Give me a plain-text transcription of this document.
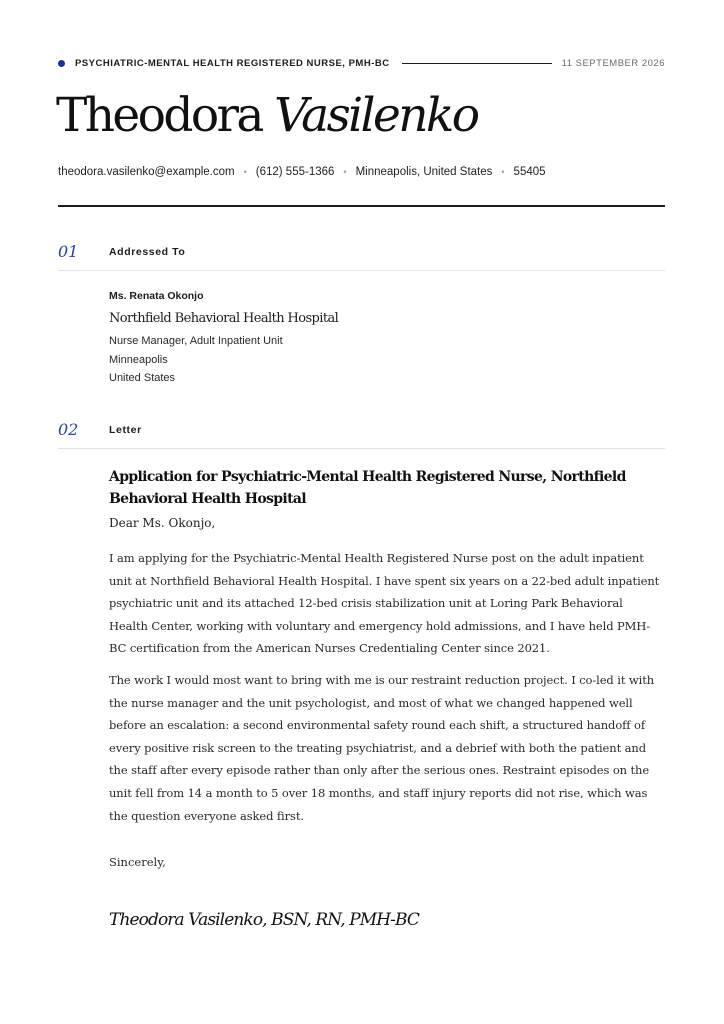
PSYCHIATRIC-MENTAL HEALTH REGISTERED NURSE, PMH-BC	11 SEPTEMBER 2026
Theodora Vasilenko
theodora.vasilenko@example.com • (612) 555-1366 • Minneapolis, United States • 55405
01	Addressed To
Ms. Renata Okonjo
Northfield Behavioral Health Hospital
Nurse Manager, Adult Inpatient Unit
Minneapolis
United States
02	Letter
Application for Psychiatric-Mental Health Registered Nurse, Northfield Behavioral Health Hospital
Dear Ms. Okonjo,

I am applying for the Psychiatric-Mental Health Registered Nurse post on the adult inpatient unit at Northfield Behavioral Health Hospital. I have spent six years on a 22-bed adult inpatient psychiatric unit and its attached 12-bed crisis stabilization unit at Loring Park Behavioral Health Center, working with voluntary and emergency hold admissions, and I have held PMH-BC certification from the American Nurses Credentialing Center since 2021.

The work I would most want to bring with me is our restraint reduction project. I co-led it with the nurse manager and the unit psychologist, and most of what we changed happened well before an escalation: a second environmental safety round each shift, a structured handoff of every positive risk screen to the treating psychiatrist, and a debrief with both the patient and the staff after every episode rather than only after the serious ones. Restraint episodes on the unit fell from 14 a month to 5 over 18 months, and staff injury reports did not rise, which was the question everyone asked first.

Sincerely,
Theodora Vasilenko, BSN, RN, PMH-BC
